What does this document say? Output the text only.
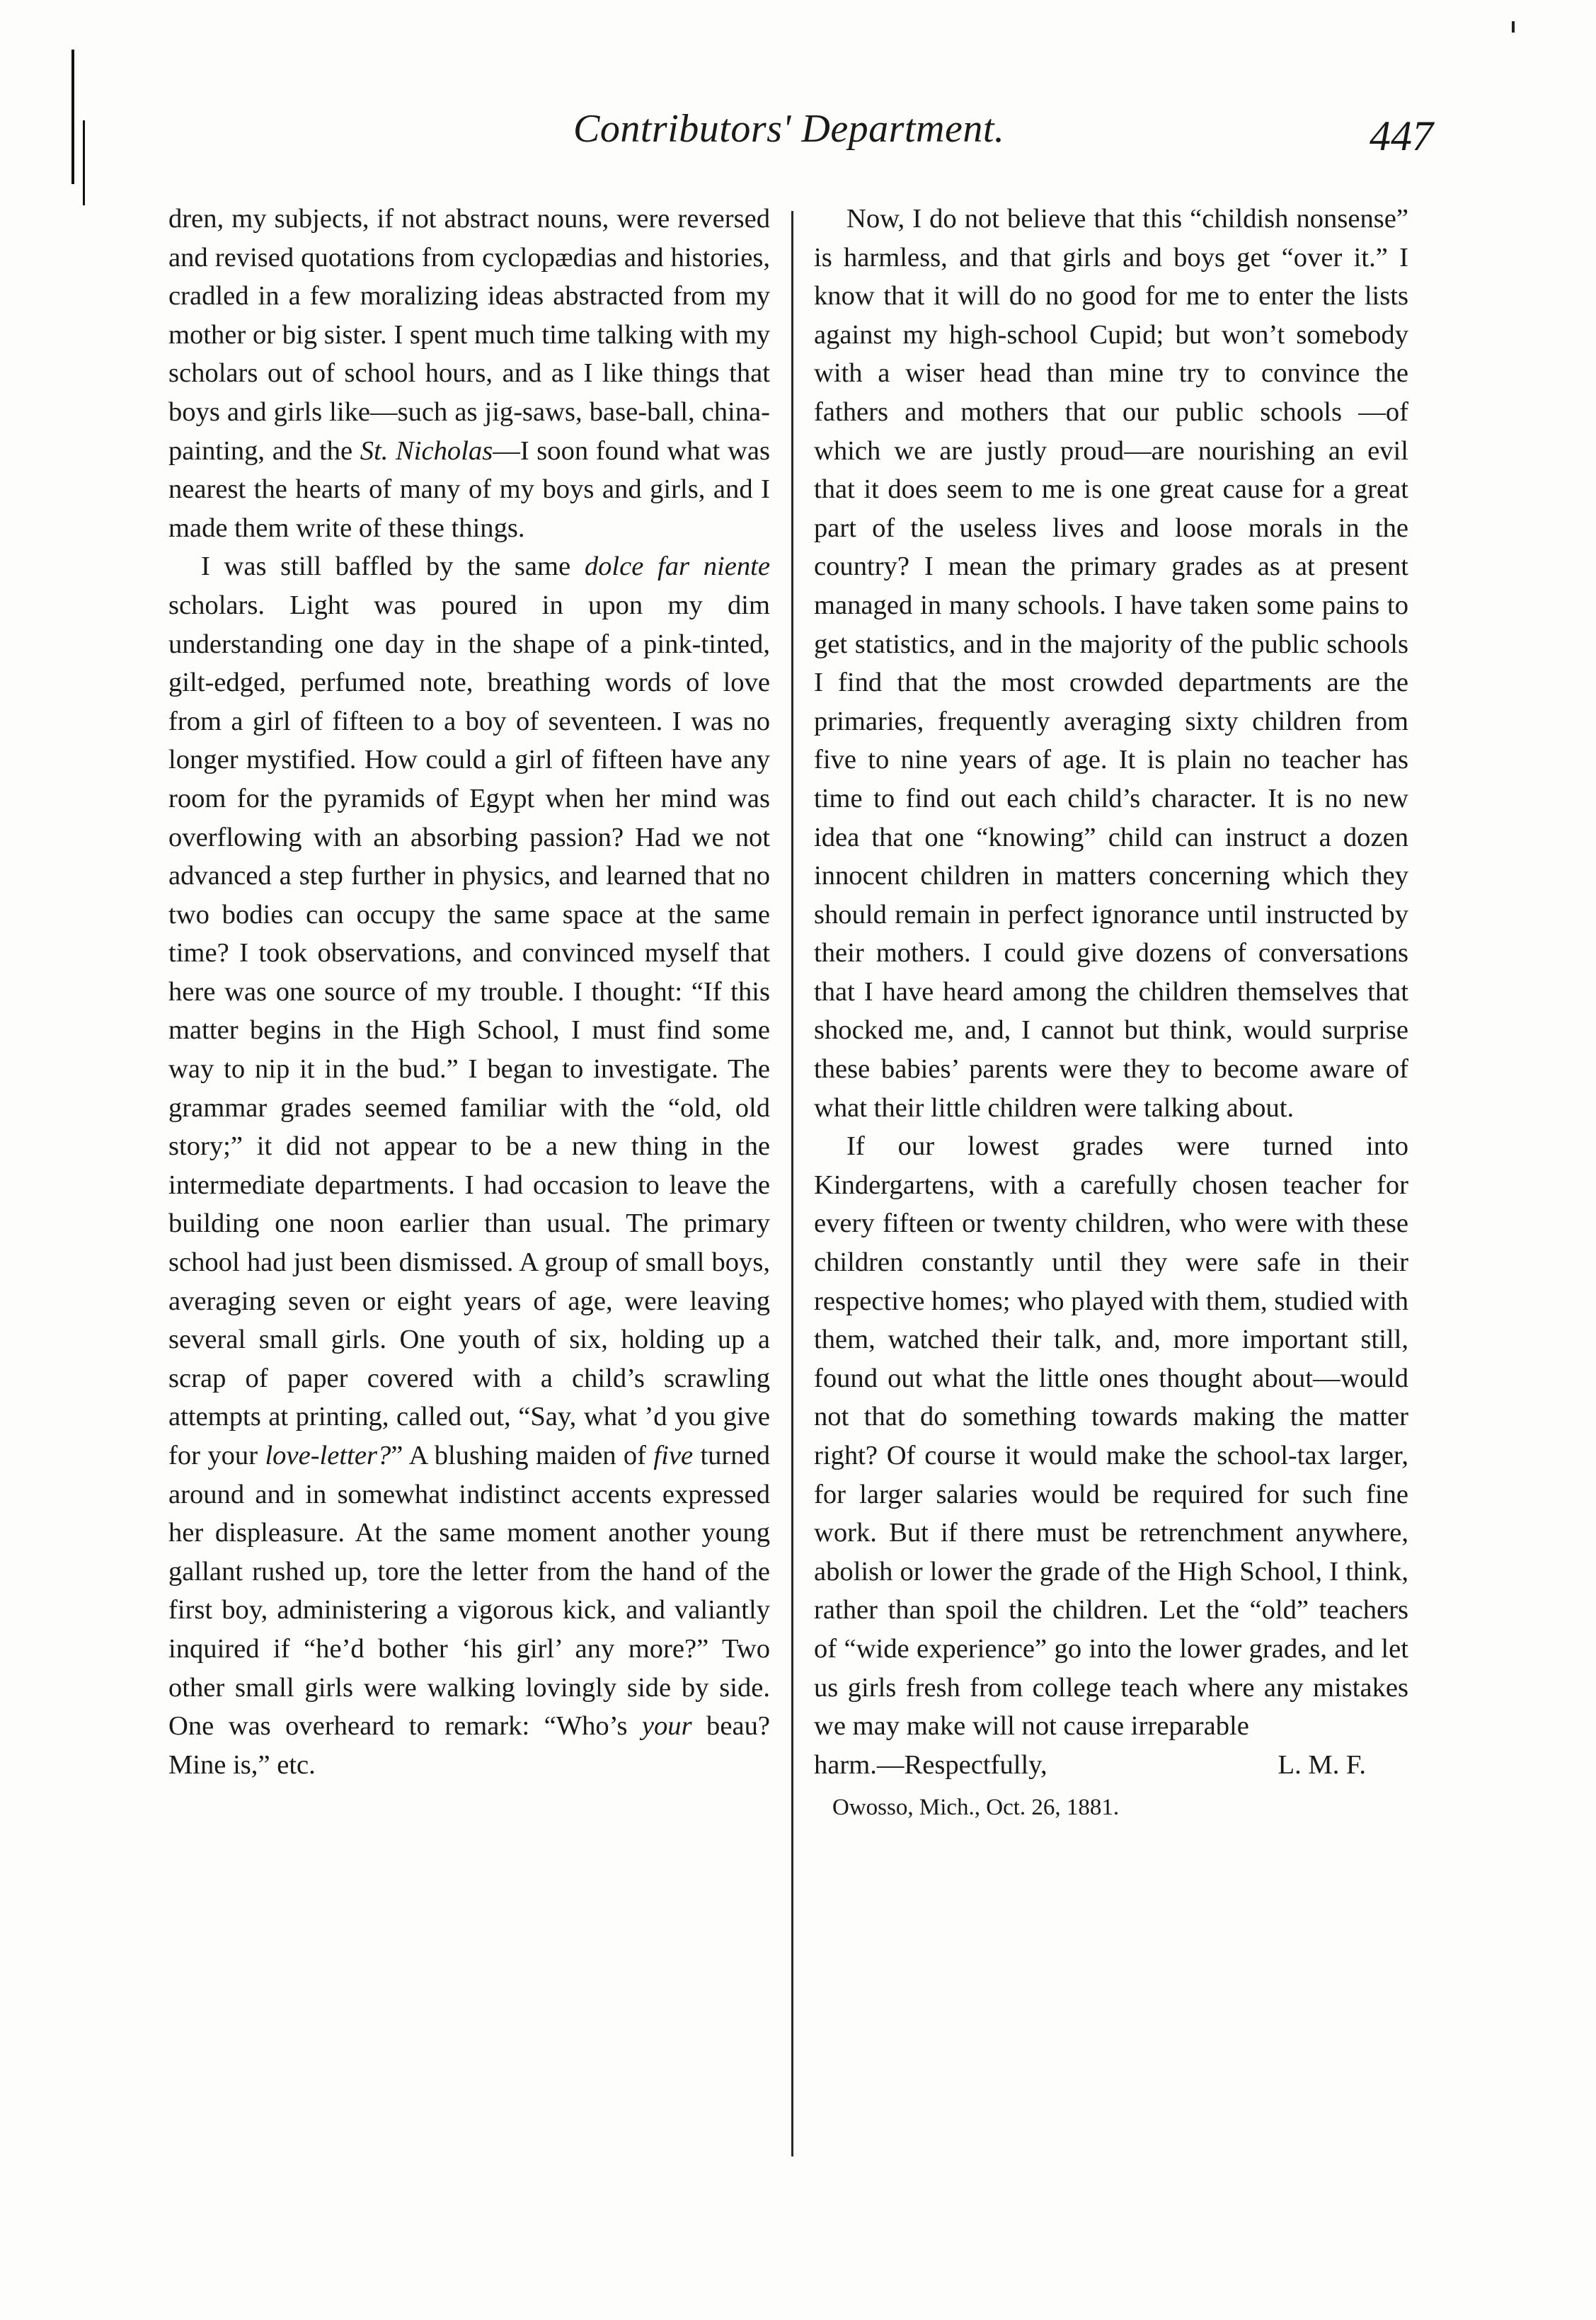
Contributors' Department.	447

dren, my subjects, if not abstract nouns, were reversed and revised quotations from cyclopædias and histories, cradled in a few moralizing ideas abstracted from my mother or big sister. I spent much time talking with my scholars out of school hours, and as I like things that boys and girls like—such as jig-saws, base-ball, china-painting, and the St. Nicholas—I soon found what was nearest the hearts of many of my boys and girls, and I made them write of these things.

I was still baffled by the same dolce far niente scholars. Light was poured in upon my dim understanding one day in the shape of a pink-tinted, gilt-edged, perfumed note, breathing words of love from a girl of fifteen to a boy of seventeen. I was no longer mystified. How could a girl of fifteen have any room for the pyramids of Egypt when her mind was overflowing with an absorbing passion? Had we not advanced a step further in physics, and learned that no two bodies can occupy the same space at the same time? I took observations, and convinced myself that here was one source of my trouble. I thought: “If this matter begins in the High School, I must find some way to nip it in the bud.” I began to investigate. The grammar grades seemed familiar with the “old, old story;” it did not appear to be a new thing in the intermediate departments. I had occasion to leave the building one noon earlier than usual. The primary school had just been dismissed. A group of small boys, averaging seven or eight years of age, were leaving several small girls. One youth of six, holding up a scrap of paper covered with a child’s scrawling attempts at printing, called out, “Say, what ’d you give for your love-letter?” A blushing maiden of five turned around and in somewhat indistinct accents expressed her displeasure. At the same moment another young gallant rushed up, tore the letter from the hand of the first boy, administering a vigorous kick, and valiantly inquired if “he’d bother ‘his girl’ any more?” Two other small girls were walking lovingly side by side. One was overheard to remark: “Who’s your beau? Mine is,” etc.

Now, I do not believe that this “childish nonsense” is harmless, and that girls and boys get “over it.” I know that it will do no good for me to enter the lists against my high-school Cupid; but won’t somebody with a wiser head than mine try to convince the fathers and mothers that our public schools —of which we are justly proud—are nourishing an evil that it does seem to me is one great cause for a great part of the useless lives and loose morals in the country? I mean the primary grades as at present managed in many schools. I have taken some pains to get statistics, and in the majority of the public schools I find that the most crowded departments are the primaries, frequently averaging sixty children from five to nine years of age. It is plain no teacher has time to find out each child’s character. It is no new idea that one “knowing” child can instruct a dozen innocent children in matters concerning which they should remain in perfect ignorance until instructed by their mothers. I could give dozens of conversations that I have heard among the children themselves that shocked me, and, I cannot but think, would surprise these babies’ parents were they to become aware of what their little children were talking about.

If our lowest grades were turned into Kindergartens, with a carefully chosen teacher for every fifteen or twenty children, who were with these children constantly until they were safe in their respective homes; who played with them, studied with them, watched their talk, and, more important still, found out what the little ones thought about—would not that do something towards making the matter right? Of course it would make the school-tax larger, for larger salaries would be required for such fine work. But if there must be retrenchment anywhere, abolish or lower the grade of the High School, I think, rather than spoil the children. Let the “old” teachers of “wide experience” go into the lower grades, and let us girls fresh from college teach where any mistakes we may make will not cause irreparable

harm.—Respectfully,	L. M. F.
Owosso, Mich., Oct. 26, 1881.
